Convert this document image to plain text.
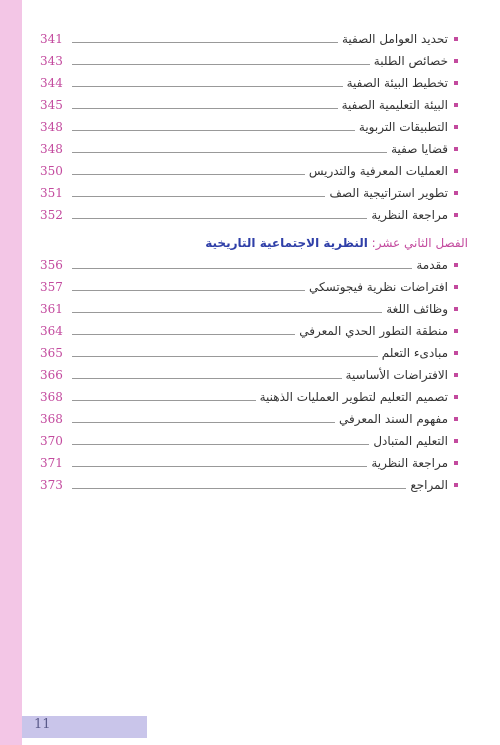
341	تحديد العوامل الصفية
343	خصائص الطلبة
344	تخطيط البيئة الصفية
345	البيئة التعليمية الصفية
348	التطبيقات التربوية
348	قضايا صفية
350	العمليات المعرفية والتدريس
351	تطوير استراتيجية الصف
352	مراجعة النظرية
الفصل الثاني عشر: النظرية الاجتماعية التاريخية
356	مقدمة
357	افتراضات نظرية فيجوتسكي
361	وظائف اللغة
364	منطقة التطور الحدي المعرفي
365	مبادىء التعلم
366	الافتراضات الأساسية
368	تصميم التعليم لتطوير العمليات الذهنية
368	مفهوم السند المعرفي
370	التعليم المتبادل
371	مراجعة النظرية
373	المراجع
11
